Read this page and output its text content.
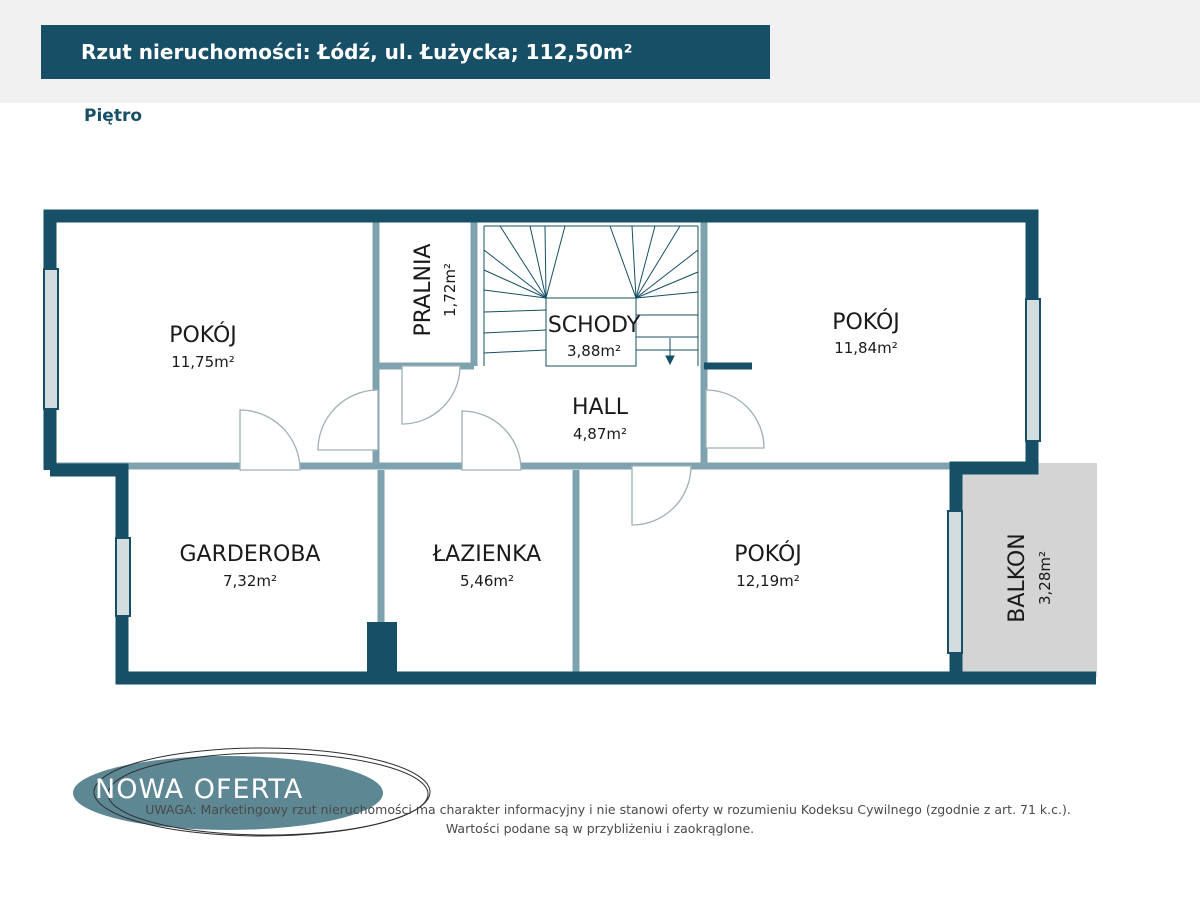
Rzut nieruchomości: Łódź, ul. Łużycka; 112,50m²
Piętro
POKÓJ
11,75m²
PRALNIA 1,72m²
SCHODY
3,88m²
POKÓJ
11,84m²
HALL
4,87m²
GARDEROBA
7,32m²
ŁAZIENKA
5,46m²
POKÓJ
12,19m²	BALKON 3,28m²
NOWA OFERTA
UWAGA: Marketingowy rzut nieruchomości ma charakter informacyjny i nie stanowi oferty w rozumieniu Kodeksu Cywilnego (zgodnie z art. 71 k.c.).
Wartości podane są w przybliżeniu i zaokrąglone.
